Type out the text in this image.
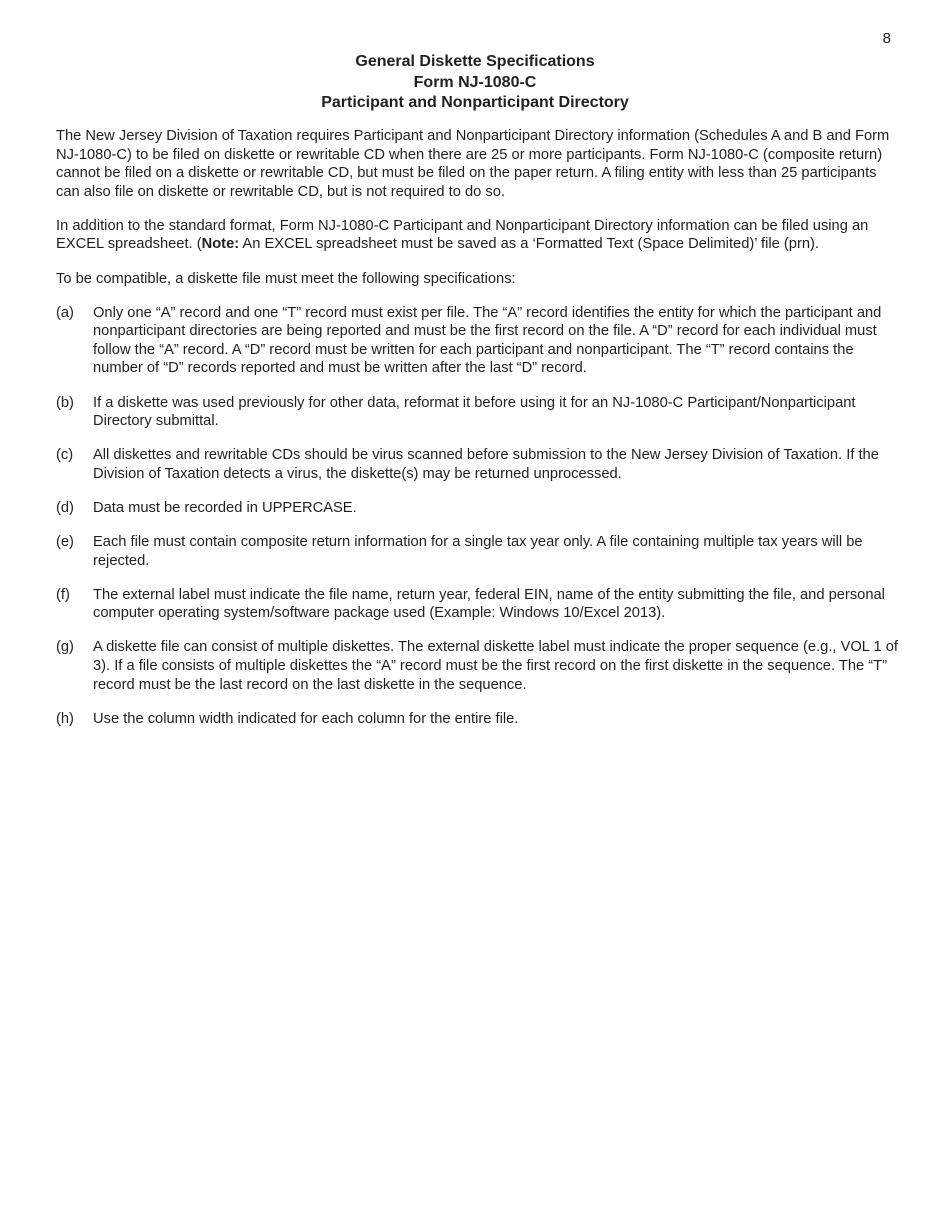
8
General Diskette Specifications
Form NJ-1080-C
Participant and Nonparticipant Directory

The New Jersey Division of Taxation requires Participant and Nonparticipant Directory information (Schedules A and B and Form NJ-1080-C) to be filed on diskette or rewritable CD when there are 25 or more participants. Form NJ-1080-C (composite return) cannot be filed on a diskette or rewritable CD, but must be filed on the paper return. A filing entity with less than 25 participants can also file on diskette or rewritable CD, but is not required to do so.

In addition to the standard format, Form NJ-1080-C Participant and Nonparticipant Directory information can be filed using an EXCEL spreadsheet. (Note: An EXCEL spreadsheet must be saved as a ‘Formatted Text (Space Delimited)’ file (prn).

To be compatible, a diskette file must meet the following specifications:

(a)	Only one “A” record and one “T” record must exist per file. The “A” record identifies the entity for which the participant and nonparticipant directories are being reported and must be the first record on the file. A “D” record for each individual must follow the “A” record. A “D” record must be written for each participant and nonparticipant. The “T” record contains the number of “D” records reported and must be written after the last “D” record.
(b)	If a diskette was used previously for other data, reformat it before using it for an NJ-1080-C Participant/Nonparticipant Directory submittal.
(c)	All diskettes and rewritable CDs should be virus scanned before submission to the New Jersey Division of Taxation. If the Division of Taxation detects a virus, the diskette(s) may be returned unprocessed.
(d)	Data must be recorded in UPPERCASE.
(e)	Each file must contain composite return information for a single tax year only. A file containing multiple tax years will be rejected.
(f)	The external label must indicate the file name, return year, federal EIN, name of the entity submitting the file, and personal computer operating system/software package used (Example: Windows 10/Excel 2013).
(g)	A diskette file can consist of multiple diskettes. The external diskette label must indicate the proper sequence (e.g., VOL 1 of 3). If a file consists of multiple diskettes the “A” record must be the first record on the first diskette in the sequence. The “T” record must be the last record on the last diskette in the sequence.
(h)	Use the column width indicated for each column for the entire file.
